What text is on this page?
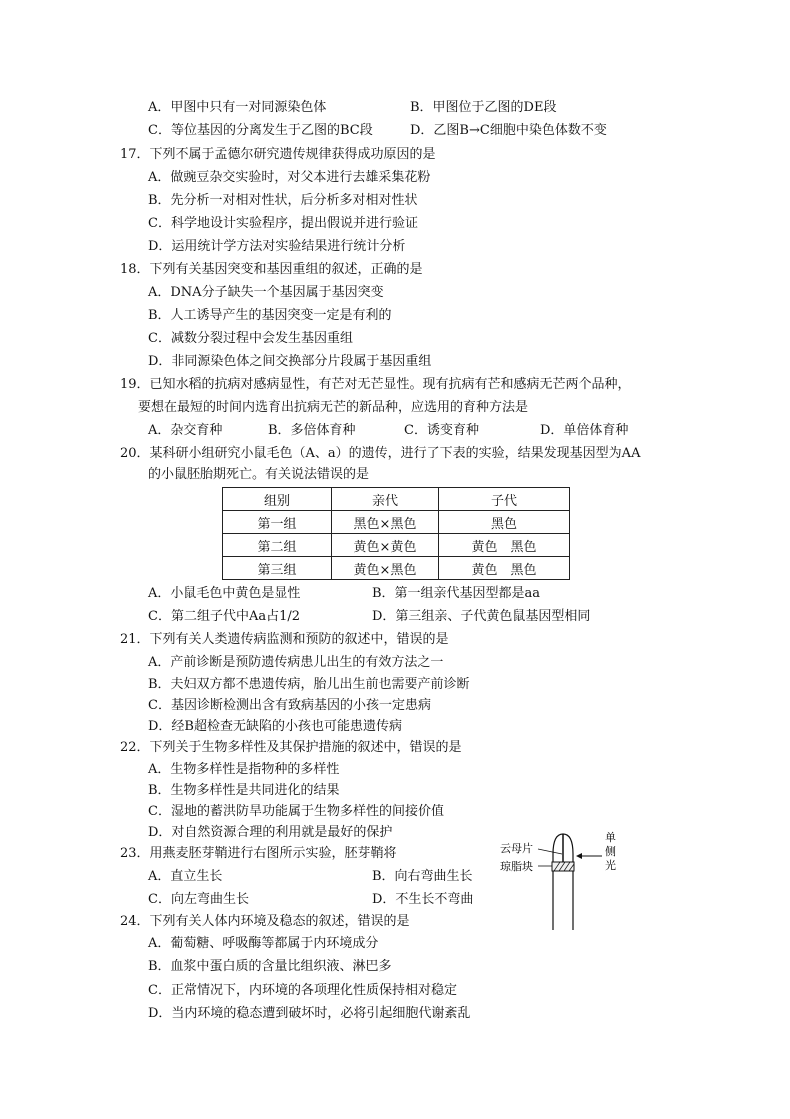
A．甲图中只有一对同源染色体	B．甲图位于乙图的DE段
C．等位基因的分离发生于乙图的BC段	D．乙图B→C细胞中染色体数不变
17．下列不属于孟德尔研究遗传规律获得成功原因的是
A．做豌豆杂交实验时，对父本进行去雄采集花粉
B．先分析一对相对性状，后分析多对相对性状
C．科学地设计实验程序，提出假说并进行验证
D．运用统计学方法对实验结果进行统计分析
18．下列有关基因突变和基因重组的叙述，正确的是
A．DNA分子缺失一个基因属于基因突变
B．人工诱导产生的基因突变一定是有利的
C．减数分裂过程中会发生基因重组
D．非同源染色体之间交换部分片段属于基因重组
19．已知水稻的抗病对感病显性，有芒对无芒显性。现有抗病有芒和感病无芒两个品种，
要想在最短的时间内选育出抗病无芒的新品种，应选用的育种方法是
A．杂交育种	B．多倍体育种	C．诱变育种	D．单倍体育种
20．某科研小组研究小鼠毛色（A、a）的遗传，进行了下表的实验，结果发现基因型为AA
的小鼠胚胎期死亡。有关说法错误的是
组别	亲代	子代
第一组	黑色×黑色	黑色
第二组	黄色×黄色	黄色　黑色
第三组	黄色×黑色	黄色　黑色
A．小鼠毛色中黄色是显性	B．第一组亲代基因型都是aa
C．第二组子代中Aa占1/2	D．第三组亲、子代黄色鼠基因型相同
21．下列有关人类遗传病监测和预防的叙述中，错误的是
A．产前诊断是预防遗传病患儿出生的有效方法之一
B．夫妇双方都不患遗传病，胎儿出生前也需要产前诊断
C．基因诊断检测出含有致病基因的小孩一定患病
D．经B超检查无缺陷的小孩也可能患遗传病
22．下列关于生物多样性及其保护措施的叙述中，错误的是
A．生物多样性是指物种的多样性
B．生物多样性是共同进化的结果
C．湿地的蓄洪防旱功能属于生物多样性的间接价值
D．对自然资源合理的利用就是最好的保护
23．用燕麦胚芽鞘进行右图所示实验，胚芽鞘将
A．直立生长	B．向右弯曲生长
C．向左弯曲生长	D．不生长不弯曲
云母片
琼脂块
单
侧
光
24．下列有关人体内环境及稳态的叙述，错误的是
A．葡萄糖、呼吸酶等都属于内环境成分
B．血浆中蛋白质的含量比组织液、淋巴多
C．正常情况下，内环境的各项理化性质保持相对稳定
D．当内环境的稳态遭到破坏时，必将引起细胞代谢紊乱
